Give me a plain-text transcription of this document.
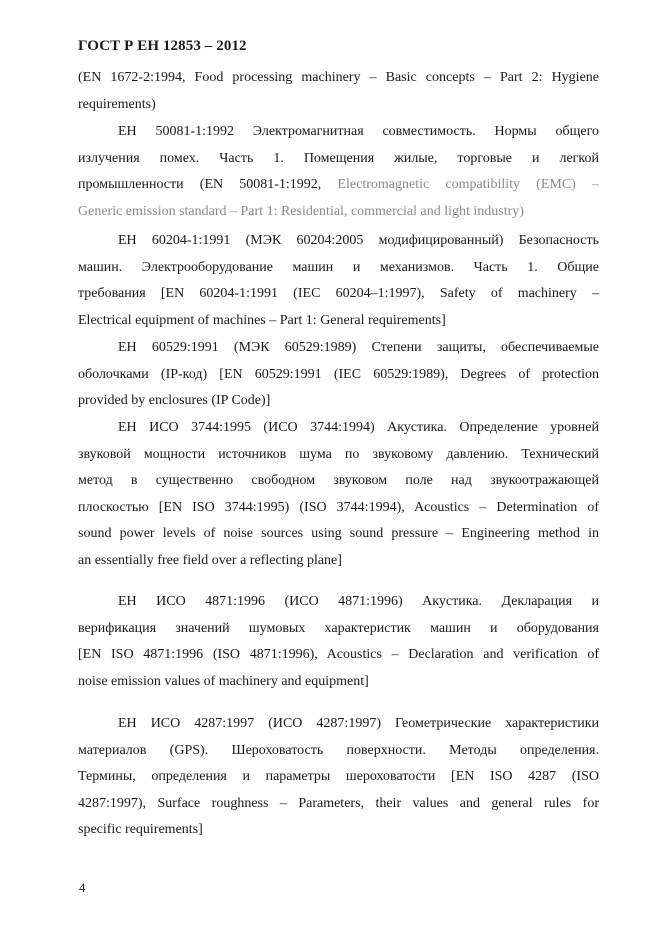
ГОСТ Р ЕН 12853 – 2012
(EN 1672-2:1994, Food processing machinery – Basic concepts – Part 2: Hygiene
requirements)
ЕН 50081-1:1992 Электромагнитная совместимость. Нормы общего
излучения помех. Часть 1. Помещения жилые, торговые и легкой
промышленности (EN 50081-1:1992, Electromagnetic compatibility (EMC) –
Generic emission standard – Part 1: Residential, commercial and light industry)
ЕН 60204-1:1991 (МЭК 60204:2005 модифицированный) Безопасность
машин. Электрооборудование машин и механизмов. Часть 1. Общие
требования [EN 60204-1:1991 (IEC 60204–1:1997), Safety of machinery –
Electrical equipment of machines – Part 1: General requirements]
ЕН 60529:1991 (МЭК 60529:1989) Степени защиты, обеспечиваемые
оболочками (IP-код) [EN 60529:1991 (IEC 60529:1989), Degrees of protection
provided by enclosures (IP Code)]
ЕН ИСО 3744:1995 (ИСО 3744:1994) Акустика. Определение уровней
звуковой мощности источников шума по звуковому давлению. Технический
метод в существенно свободном звуковом поле над звукоотражающей
плоскостью [EN ISO 3744:1995) (ISO 3744:1994), Acoustics – Determination of
sound power levels of noise sources using sound pressure – Engineering method in
an essentially free field over a reflecting plane]
ЕН ИСО 4871:1996 (ИСО 4871:1996) Акустика. Декларация и
верификация значений шумовых характеристик машин и оборудования
[EN ISO 4871:1996 (ISO 4871:1996), Acoustics – Declaration and verification of
noise emission values of machinery and equipment]
ЕН ИСО 4287:1997 (ИСО 4287:1997) Геометрические характеристики
материалов (GPS). Шероховатость поверхности. Методы определения.
Термины, определения и параметры шероховатости [EN ISO 4287 (ISO
4287:1997), Surface roughness – Parameters, their values and general rules for
specific requirements]
4
